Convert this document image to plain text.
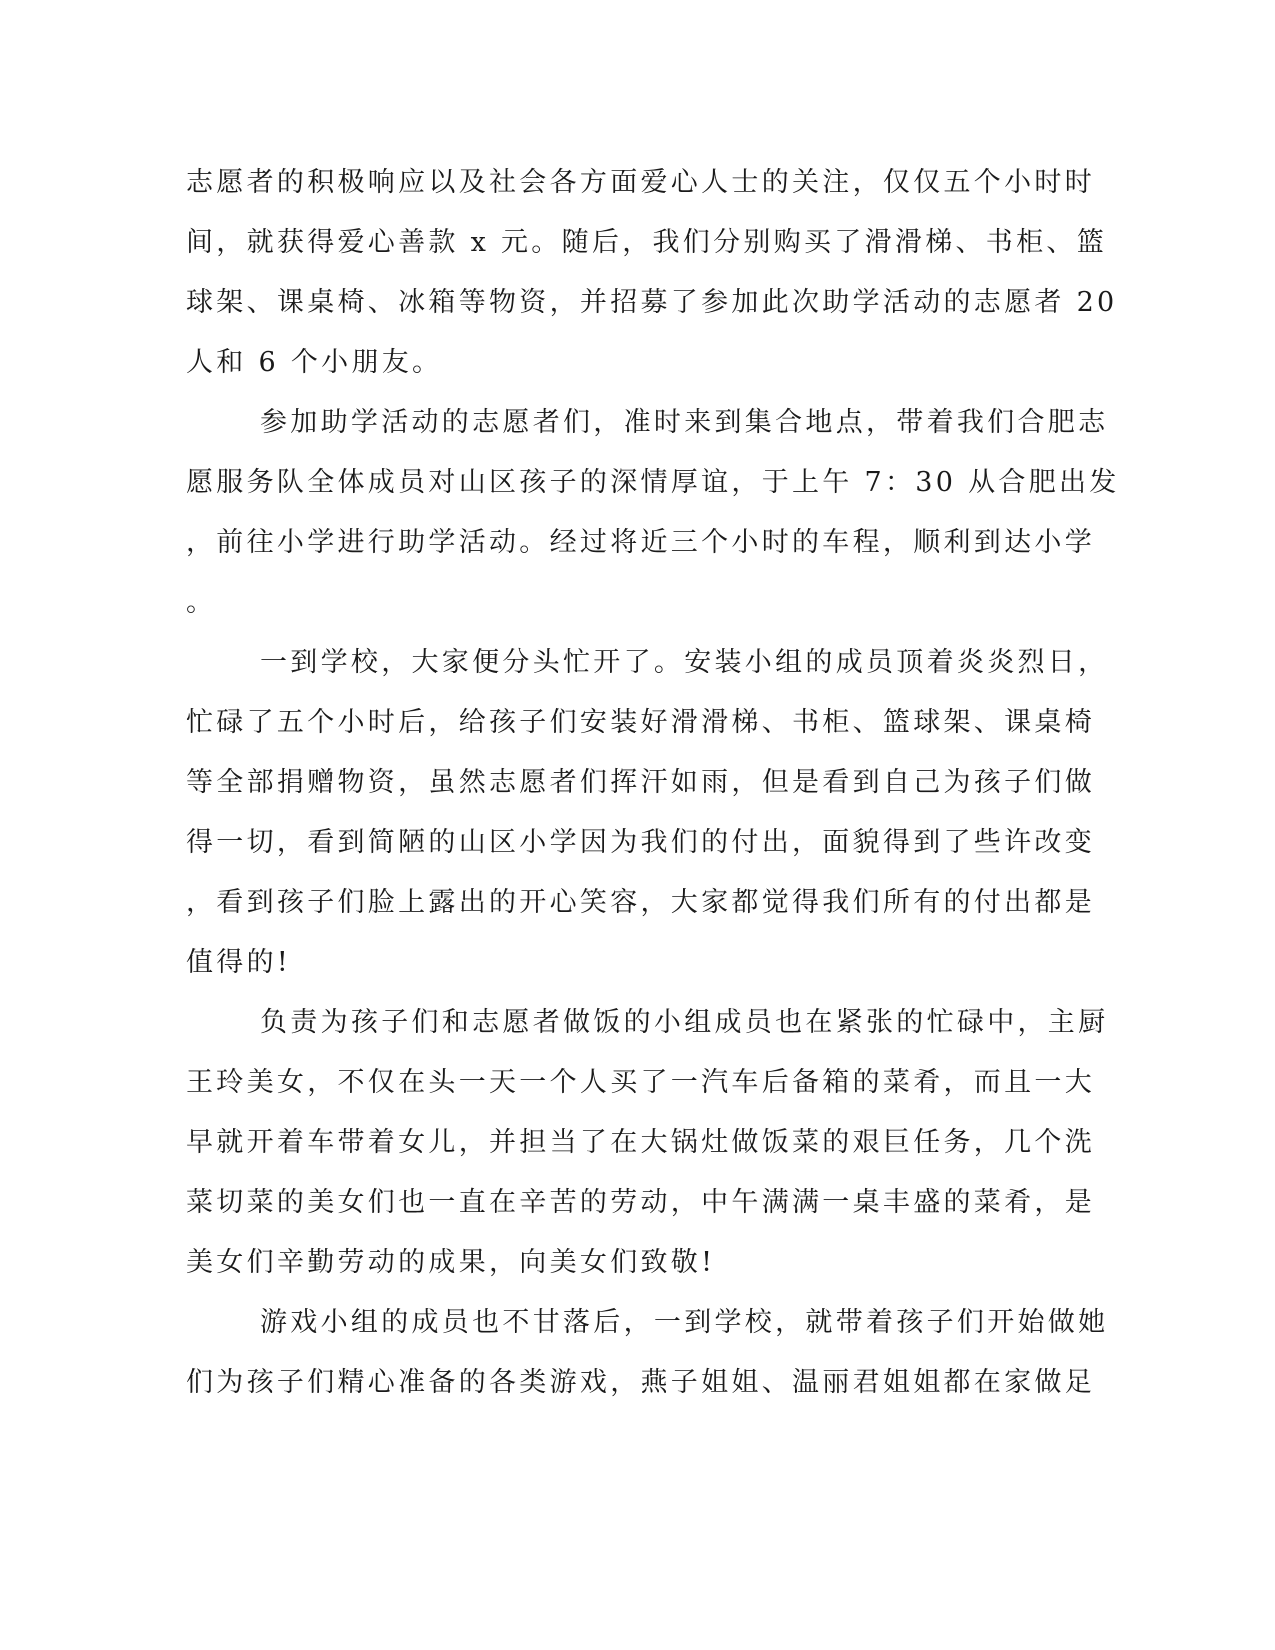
志愿者的积极响应以及社会各方面爱心人士的关注，仅仅五个小时时
间，就获得爱心善款 x 元。随后，我们分别购买了滑滑梯、书柜、篮
球架、课桌椅、冰箱等物资，并招募了参加此次助学活动的志愿者 20
人和 6 个小朋友。
参加助学活动的志愿者们，准时来到集合地点，带着我们合肥志
愿服务队全体成员对山区孩子的深情厚谊，于上午 7：30 从合肥出发
，前往小学进行助学活动。经过将近三个小时的车程，顺利到达小学
。
一到学校，大家便分头忙开了。安装小组的成员顶着炎炎烈日，
忙碌了五个小时后，给孩子们安装好滑滑梯、书柜、篮球架、课桌椅
等全部捐赠物资，虽然志愿者们挥汗如雨，但是看到自己为孩子们做
得一切，看到简陋的山区小学因为我们的付出，面貌得到了些许改变
，看到孩子们脸上露出的开心笑容，大家都觉得我们所有的付出都是
值得的!
负责为孩子们和志愿者做饭的小组成员也在紧张的忙碌中，主厨
王玲美女，不仅在头一天一个人买了一汽车后备箱的菜肴，而且一大
早就开着车带着女儿，并担当了在大锅灶做饭菜的艰巨任务，几个洗
菜切菜的美女们也一直在辛苦的劳动，中午满满一桌丰盛的菜肴，是
美女们辛勤劳动的成果，向美女们致敬!
游戏小组的成员也不甘落后，一到学校，就带着孩子们开始做她
们为孩子们精心准备的各类游戏，燕子姐姐、温丽君姐姐都在家做足
